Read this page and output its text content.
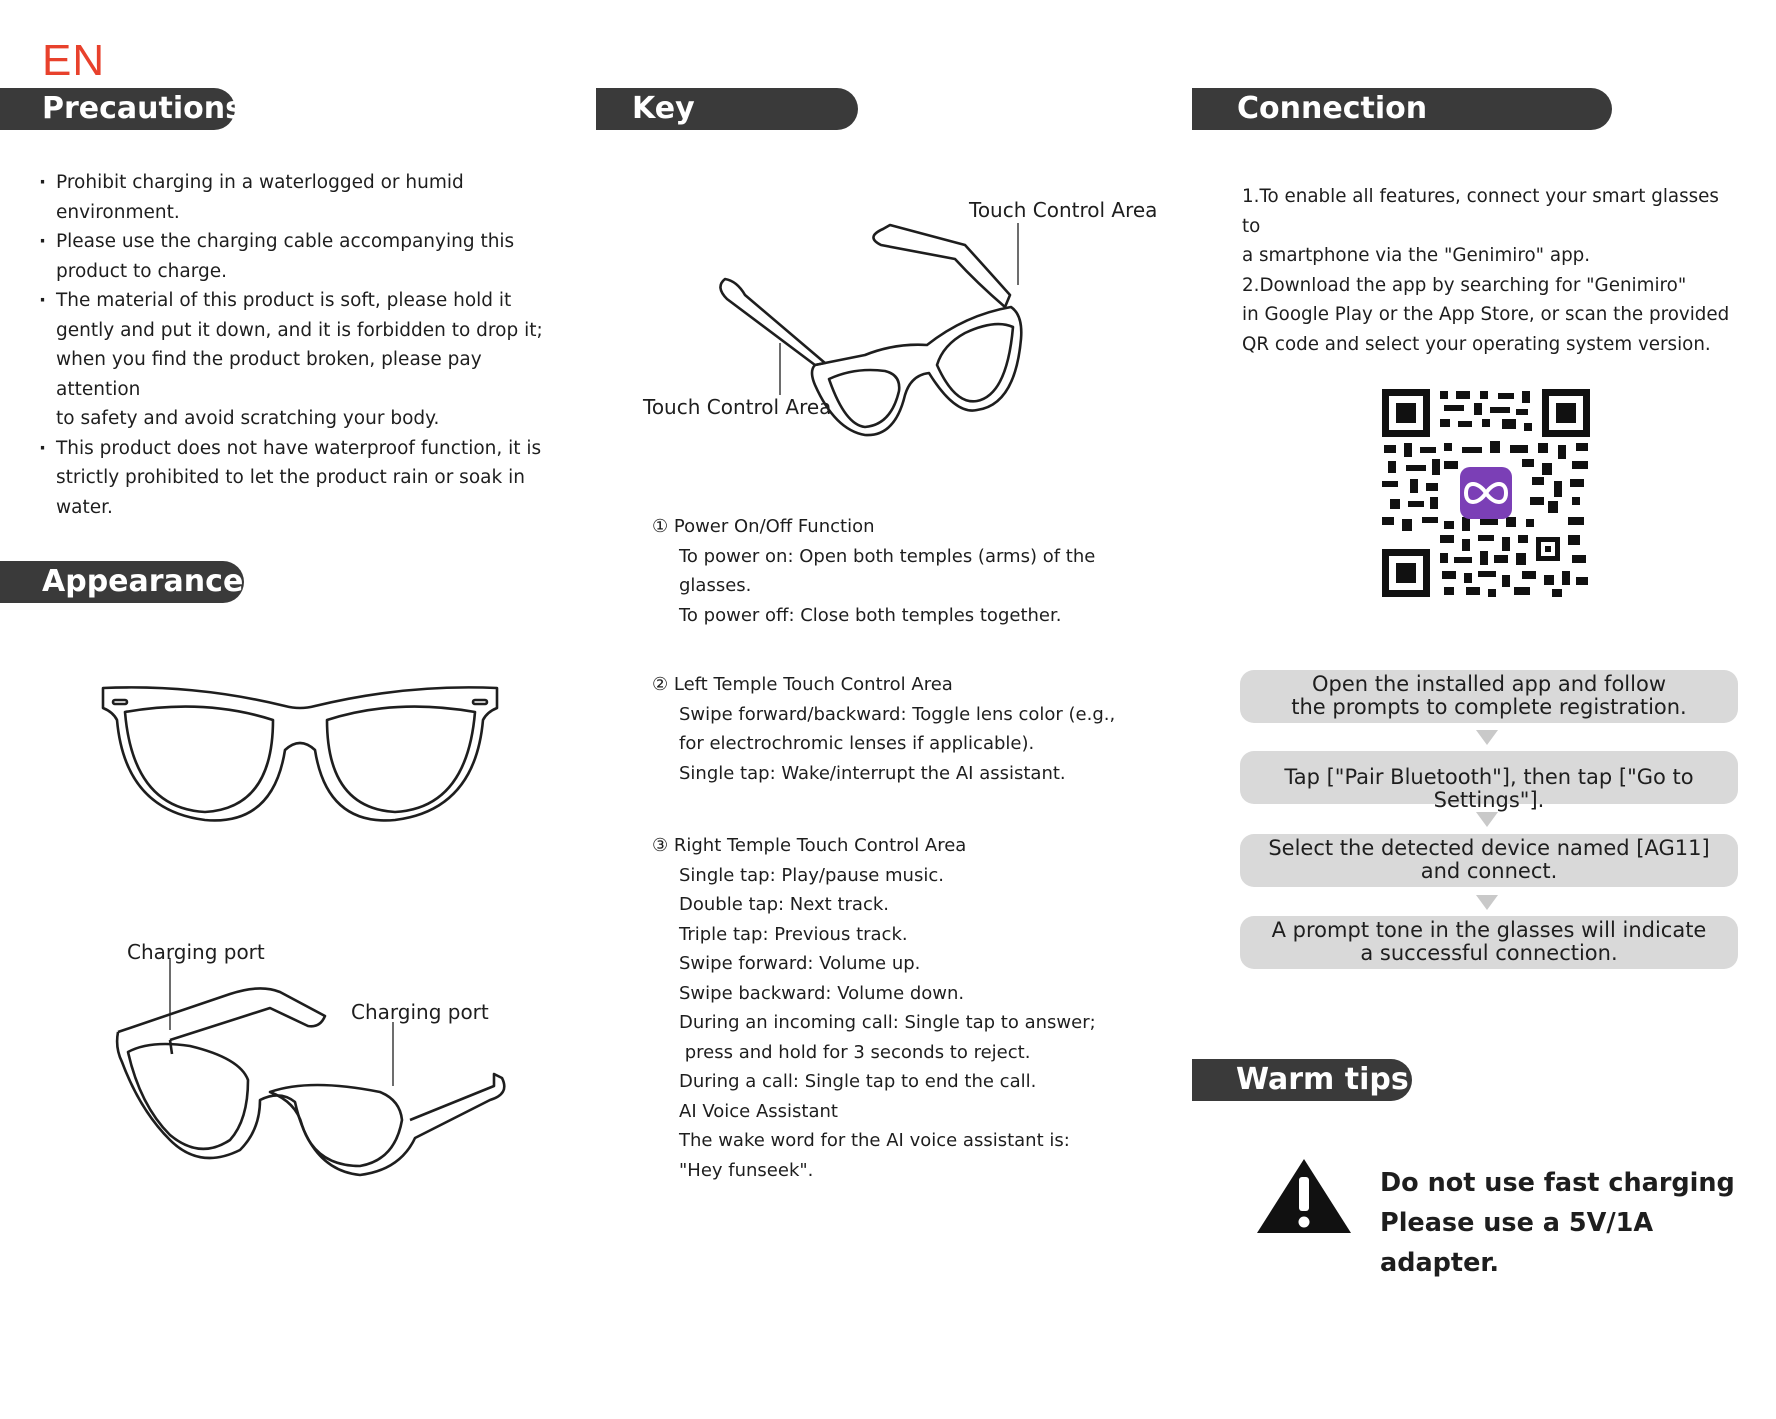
EN
Precautions
Appearance
Key Definition
Connection instructions
Warm tips
· Prohibit charging in a waterlogged or humid
environment.
· Please use the charging cable accompanying this
product to charge.
· The material of this product is soft, please hold it
gently and put it down, and it is forbidden to drop it;
when you find the product broken, please pay attention
to safety and avoid scratching your body.
· This product does not have waterproof function, it is
strictly prohibited to let the product rain or soak in water.
Charging port
Charging port
Touch Control Area
Touch Control Area
① Power On/Off Function
To power on: Open both temples (arms) of the glasses.
To power off: Close both temples together.
② Left Temple Touch Control Area
Swipe forward/backward: Toggle lens color (e.g.,
for electrochromic lenses if applicable).
Single tap: Wake/interrupt the AI assistant.
③ Right Temple Touch Control Area
Single tap: Play/pause music.
Double tap: Next track.
Triple tap: Previous track.
Swipe forward: Volume up.
Swipe backward: Volume down.
During an incoming call: Single tap to answer;
press and hold for 3 seconds to reject.
During a call: Single tap to end the call.
AI Voice Assistant
The wake word for the AI voice assistant is:
"Hey funseek".
1.To enable all features, connect your smart glasses to
a smartphone via the "Genimiro" app.
2.Download the app by searching for "Genimiro"
in Google Play or the App Store, or scan the provided
QR code and select your operating system version.
Open the installed app and follow
the prompts to complete registration.
Tap ["Pair Bluetooth"], then tap ["Go to Settings"].
Select the detected device named [AG11]
and connect.
A prompt tone in the glasses will indicate
a successful connection.
Do not use fast charging
Please use a 5V/1A adapter.
